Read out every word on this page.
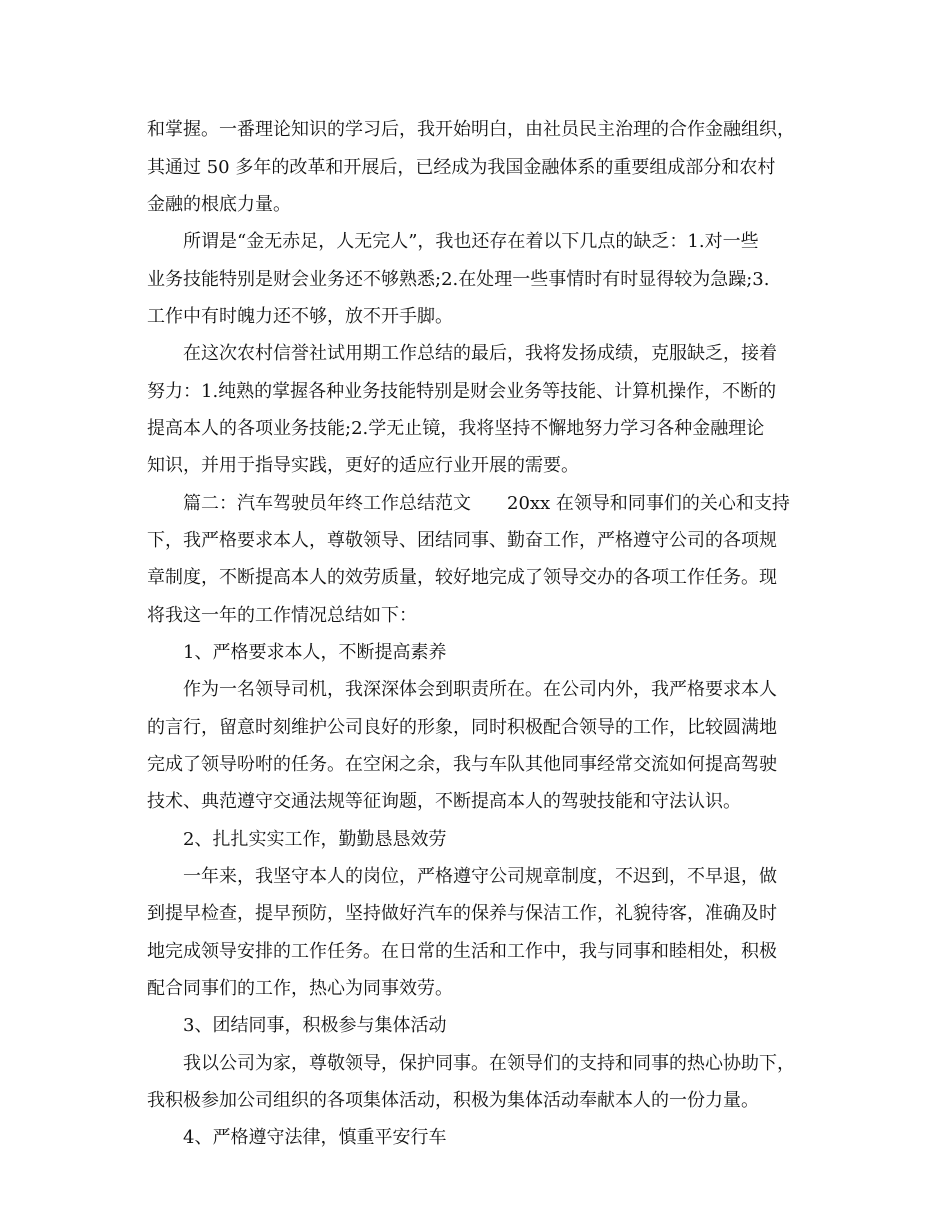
和掌握。一番理论知识的学习后，我开始明白，由社员民主治理的合作金融组织，
其通过 50 多年的改革和开展后，已经成为我国金融体系的重要组成部分和农村
金融的根底力量。
所谓是“金无赤足，人无完人”，我也还存在着以下几点的缺乏：1.对一些
业务技能特别是财会业务还不够熟悉;2.在处理一些事情时有时显得较为急躁;3.
工作中有时魄力还不够，放不开手脚。
在这次农村信誉社试用期工作总结的最后，我将发扬成绩，克服缺乏，接着
努力：1.纯熟的掌握各种业务技能特别是财会业务等技能、计算机操作，不断的
提高本人的各项业务技能;2.学无止镜，我将坚持不懈地努力学习各种金融理论
知识，并用于指导实践，更好的适应行业开展的需要。
篇二：汽车驾驶员年终工作总结范文　　20xx 在领导和同事们的关心和支持
下，我严格要求本人，尊敬领导、团结同事、勤奋工作，严格遵守公司的各项规
章制度，不断提高本人的效劳质量，较好地完成了领导交办的各项工作任务。现
将我这一年的工作情况总结如下：
1、严格要求本人，不断提高素养
作为一名领导司机，我深深体会到职责所在。在公司内外，我严格要求本人
的言行，留意时刻维护公司良好的形象，同时积极配合领导的工作，比较圆满地
完成了领导吩咐的任务。在空闲之余，我与车队其他同事经常交流如何提高驾驶
技术、典范遵守交通法规等征询题，不断提高本人的驾驶技能和守法认识。
2、扎扎实实工作，勤勤恳恳效劳
一年来，我坚守本人的岗位，严格遵守公司规章制度，不迟到，不早退，做
到提早检查，提早预防，坚持做好汽车的保养与保洁工作，礼貌待客，准确及时
地完成领导安排的工作任务。在日常的生活和工作中，我与同事和睦相处，积极
配合同事们的工作，热心为同事效劳。
3、团结同事，积极参与集体活动
我以公司为家，尊敬领导，保护同事。在领导们的支持和同事的热心协助下，
我积极参加公司组织的各项集体活动，积极为集体活动奉献本人的一份力量。
4、严格遵守法律，慎重平安行车
